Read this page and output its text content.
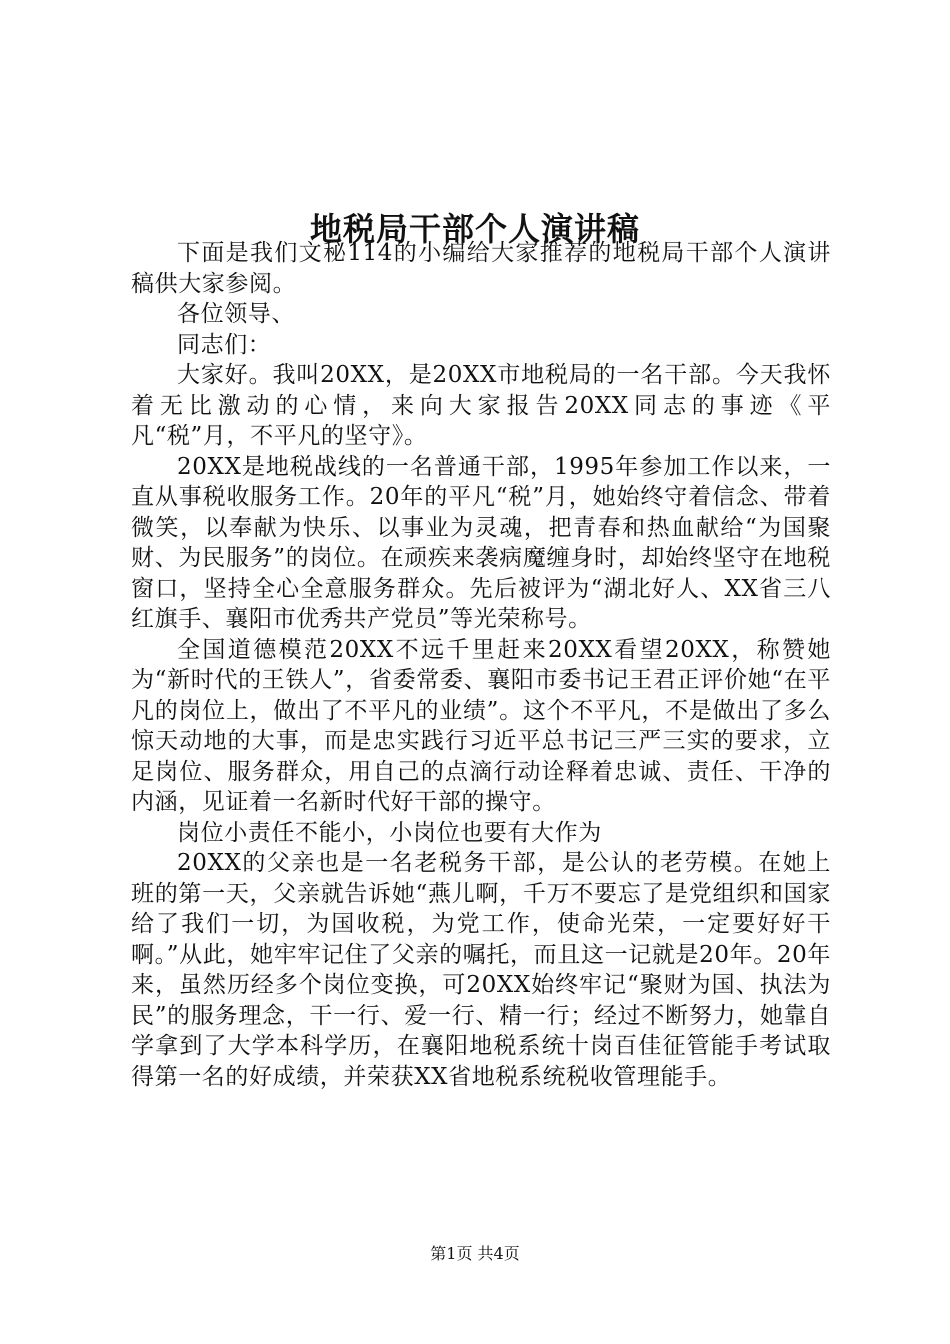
地税局干部个人演讲稿

下面是我们文秘114的小编给大家推荐的地税局干部个人演讲稿供大家参阅。

各位领导、

同志们：

大家好。我叫20XX，是20XX市地税局的一名干部。今天我怀着无比激动的心情，来向大家报告20XX同志的事迹《平凡“税”月，不平凡的坚守》。

20XX是地税战线的一名普通干部，1995年参加工作以来，一直从事税收服务工作。20年的平凡“税”月，她始终守着信念、带着微笑，以奉献为快乐、以事业为灵魂，把青春和热血献给“为国聚财、为民服务”的岗位。在顽疾来袭病魔缠身时，却始终坚守在地税窗口，坚持全心全意服务群众。先后被评为“湖北好人、XX省三八红旗手、襄阳市优秀共产党员”等光荣称号。

全国道德模范20XX不远千里赶来20XX看望20XX，称赞她为“新时代的王铁人”，省委常委、襄阳市委书记王君正评价她“在平凡的岗位上，做出了不平凡的业绩”。这个不平凡，不是做出了多么惊天动地的大事，而是忠实践行习近平总书记三严三实的要求，立足岗位、服务群众，用自己的点滴行动诠释着忠诚、责任、干净的内涵，见证着一名新时代好干部的操守。

岗位小责任不能小，小岗位也要有大作为

20XX的父亲也是一名老税务干部，是公认的老劳模。在她上班的第一天，父亲就告诉她“燕儿啊，千万不要忘了是党组织和国家给了我们一切，为国收税，为党工作，使命光荣，一定要好好干啊。”从此，她牢牢记住了父亲的嘱托，而且这一记就是20年。20年来，虽然历经多个岗位变换，可20XX始终牢记“聚财为国、执法为民”的服务理念，干一行、爱一行、精一行；经过不断努力，她靠自学拿到了大学本科学历，在襄阳地税系统十岗百佳征管能手考试取得第一名的好成绩，并荣获XX省地税系统税收管理能手。

第1页 共4页
